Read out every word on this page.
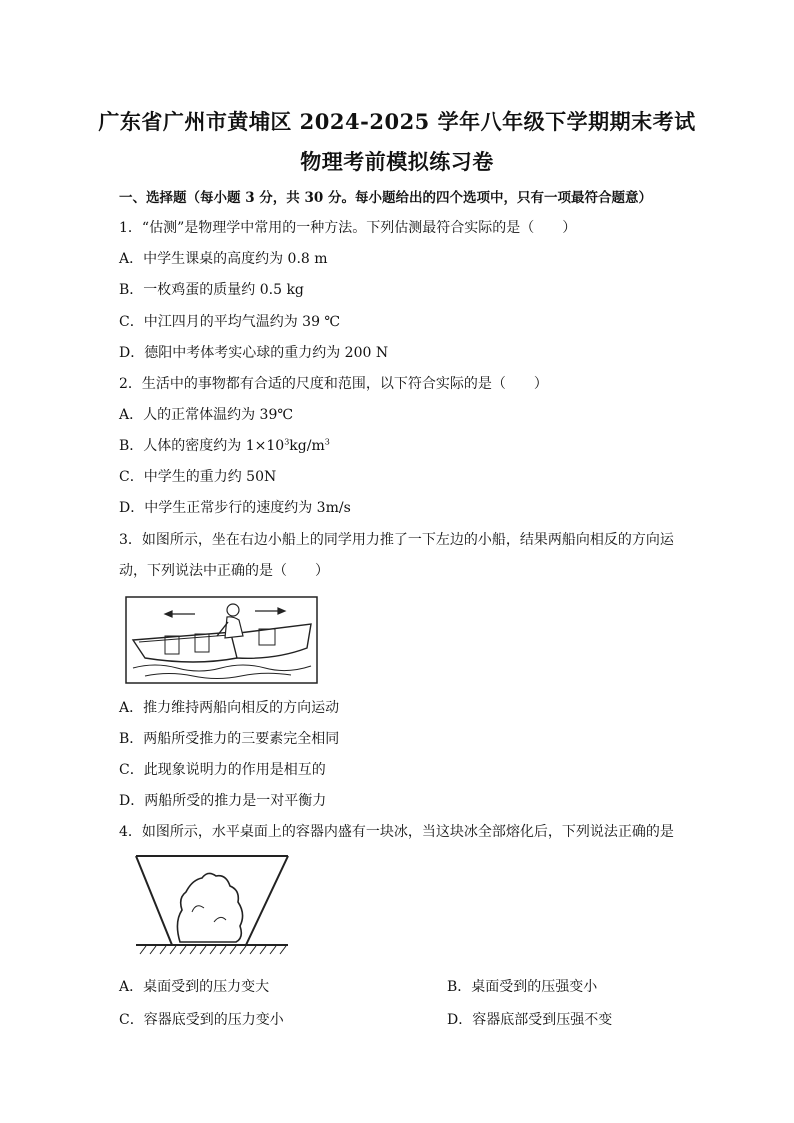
广东省广州市黄埔区 2024-2025 学年八年级下学期期末考试
物理考前模拟练习卷
一、选择题（每小题 3 分，共 30 分。每小题给出的四个选项中，只有一项最符合题意）
1．“估测”是物理学中常用的一种方法。下列估测最符合实际的是（　　）
A．中学生课桌的高度约为 0.8 m
B．一枚鸡蛋的质量约 0.5 kg
C．中江四月的平均气温约为 39 ℃
D．德阳中考体考实心球的重力约为 200 N
2．生活中的事物都有合适的尺度和范围，以下符合实际的是（　　）
A．人的正常体温约为 39℃
B．人体的密度约为 $1\times 10^3kg/m^3$
C．中学生的重力约 50N
D．中学生正常步行的速度约为 3m/s
3．如图所示，坐在右边小船上的同学用力推了一下左边的小船，结果两船向相反的方向运
动，下列说法中正确的是（　　）
A．推力维持两船向相反的方向运动
B．两船所受推力的三要素完全相同
C．此现象说明力的作用是相互的
D．两船所受的推力是一对平衡力
4．如图所示，水平桌面上的容器内盛有一块冰，当这块冰全部熔化后，下列说法正确的是
A．桌面受到的压力变大	B．桌面受到的压强变小
C．容器底受到的压力变小	D．容器底部受到压强不变
